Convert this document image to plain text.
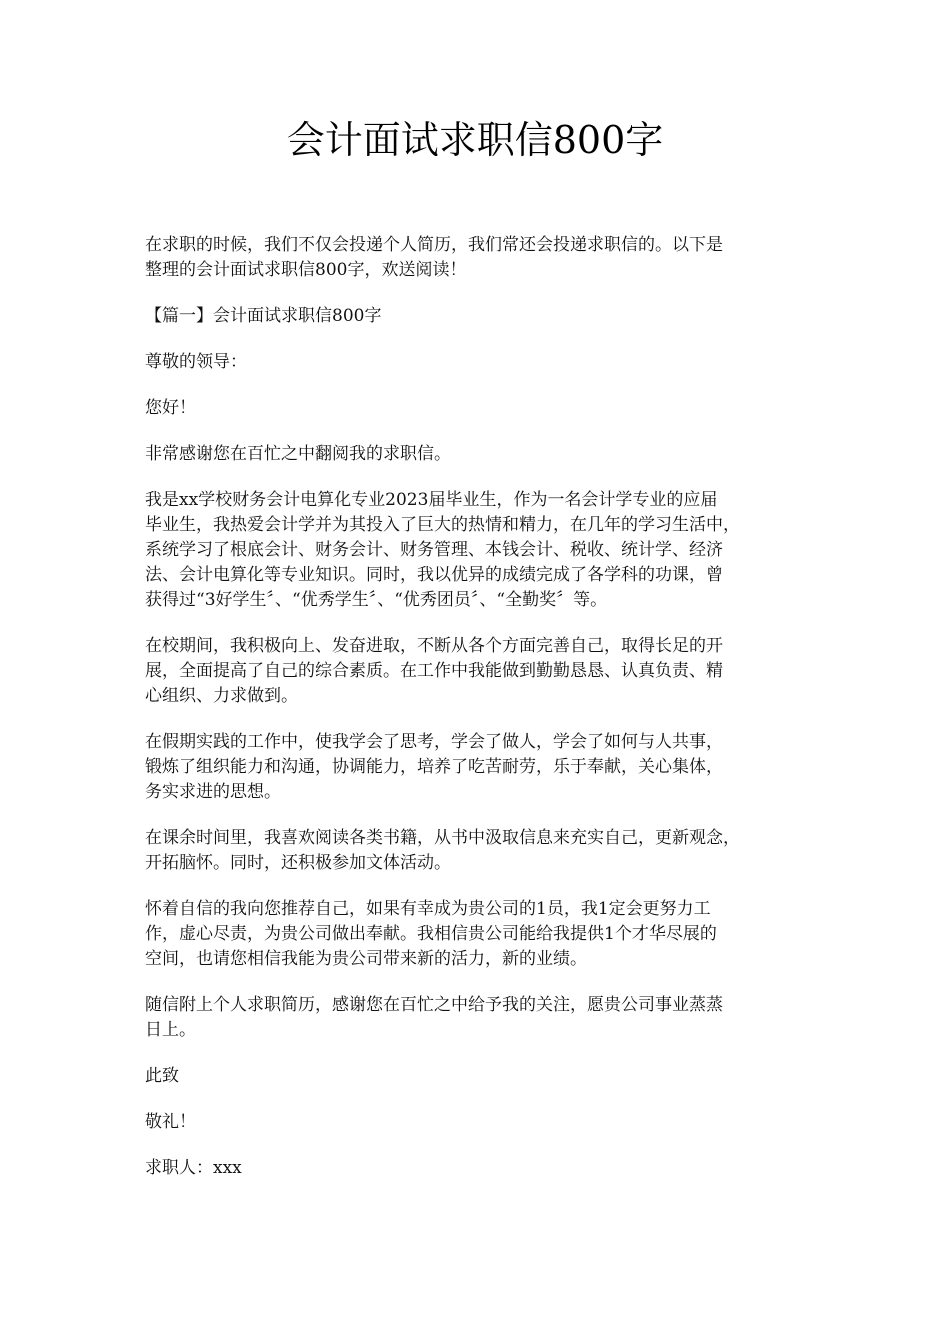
会计面试求职信800字

在求职的时候，我们不仅会投递个人简历，我们常还会投递求职信的。以下是
整理的会计面试求职信800字，欢送阅读！

【篇一】会计面试求职信800字

尊敬的领导：

您好！

非常感谢您在百忙之中翻阅我的求职信。

我是xx学校财务会计电算化专业2023届毕业生，作为一名会计学专业的应届
毕业生，我热爱会计学并为其投入了巨大的热情和精力，在几年的学习生活中，
系统学习了根底会计、财务会计、财务管理、本钱会计、税收、统计学、经济
法、会计电算化等专业知识。同时，我以优异的成绩完成了各学科的功课，曾
获得过“3好学生〞、“优秀学生〞、“优秀团员〞、“全勤奖〞等。

在校期间，我积极向上、发奋进取，不断从各个方面完善自己，取得长足的开
展，全面提高了自己的综合素质。在工作中我能做到勤勤恳恳、认真负责、精
心组织、力求做到。

在假期实践的工作中，使我学会了思考，学会了做人，学会了如何与人共事，
锻炼了组织能力和沟通，协调能力，培养了吃苦耐劳，乐于奉献，关心集体，
务实求进的思想。

在课余时间里，我喜欢阅读各类书籍，从书中汲取信息来充实自己，更新观念，
开拓脑怀。同时，还积极参加文体活动。

怀着自信的我向您推荐自己，如果有幸成为贵公司的1员，我1定会更努力工
作，虚心尽责，为贵公司做出奉献。我相信贵公司能给我提供1个才华尽展的
空间，也请您相信我能为贵公司带来新的活力，新的业绩。

随信附上个人求职简历，感谢您在百忙之中给予我的关注，愿贵公司事业蒸蒸
日上。

此致

敬礼！

求职人：xxx
